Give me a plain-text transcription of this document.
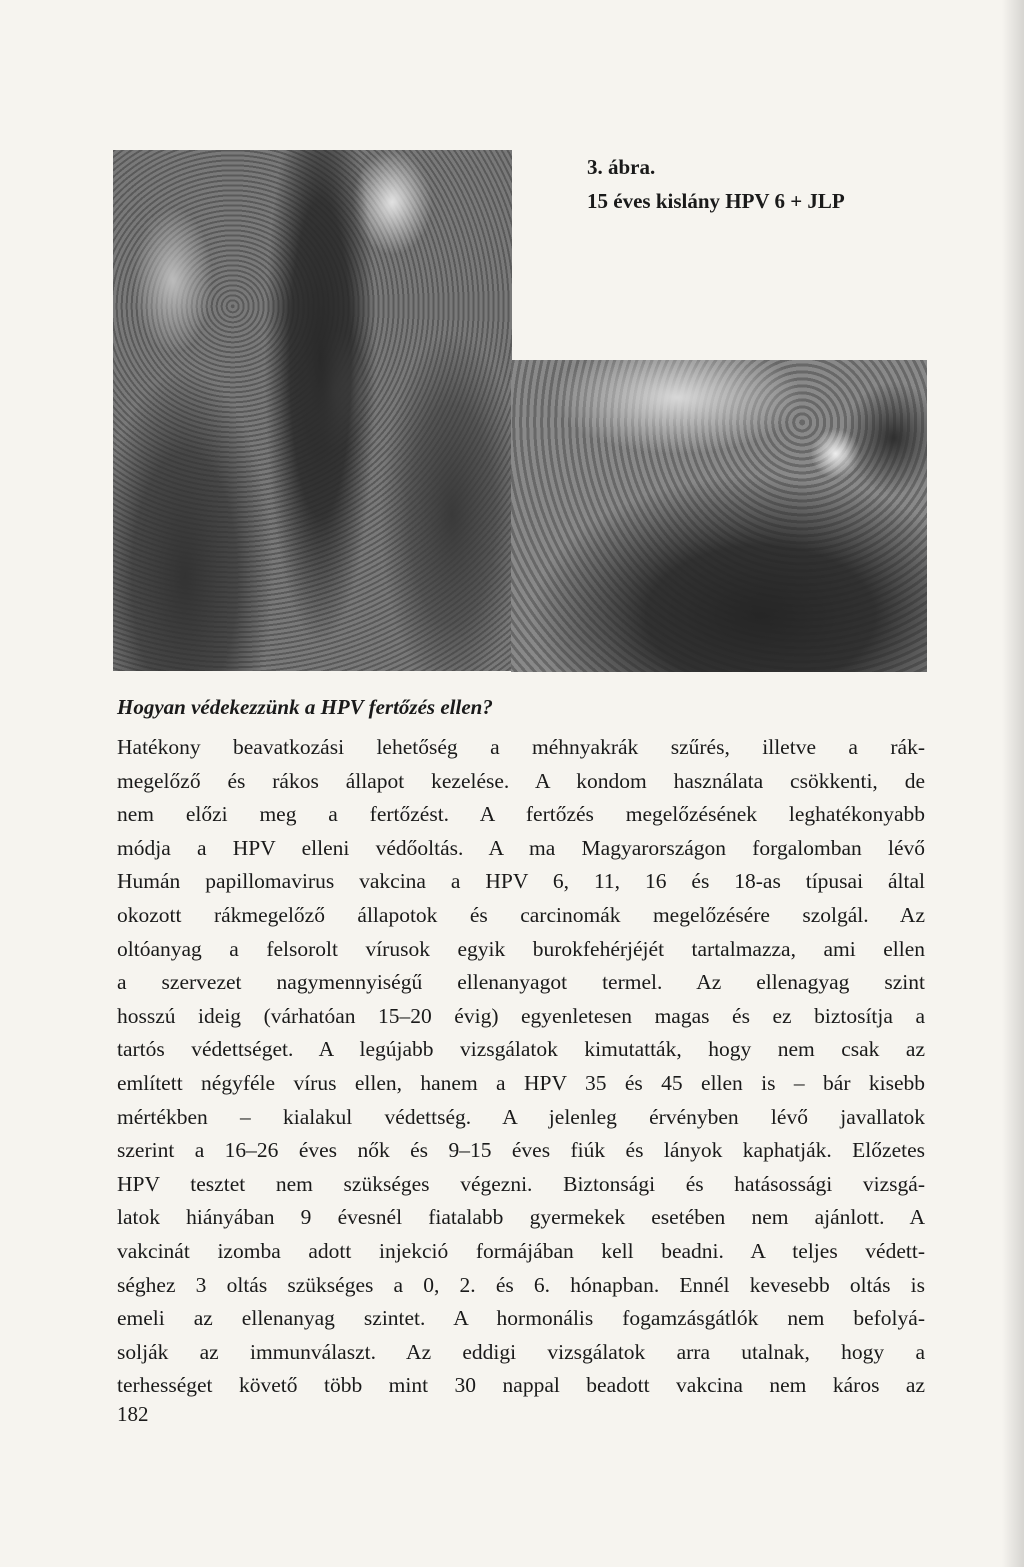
3. ábra.
15 éves kislány HPV 6 + JLP
Hogyan védekezzünk a HPV fertőzés ellen?
Hatékony beavatkozási lehetőség a méhnyakrák szűrés, illetve a rák-
megelőző és rákos állapot kezelése. A kondom használata csökkenti, de
nem előzi meg a fertőzést. A fertőzés megelőzésének leghatékonyabb
módja a HPV elleni védőoltás. A ma Magyarországon forgalomban lévő
Humán papillomavirus vakcina a HPV 6, 11, 16 és 18-as típusai által
okozott rákmegelőző állapotok és carcinomák megelőzésére szolgál. Az
oltóanyag a felsorolt vírusok egyik burokfehérjéjét tartalmazza, ami ellen
a szervezet nagymennyiségű ellenanyagot termel. Az ellenagyag szint
hosszú ideig (várhatóan 15–20 évig) egyenletesen magas és ez biztosítja a
tartós védettséget. A legújabb vizsgálatok kimutatták, hogy nem csak az
említett négyféle vírus ellen, hanem a HPV 35 és 45 ellen is – bár kisebb
mértékben – kialakul védettség. A jelenleg érvényben lévő javallatok
szerint a 16–26 éves nők és 9–15 éves fiúk és lányok kaphatják. Előzetes
HPV tesztet nem szükséges végezni. Biztonsági és hatásossági vizsgá-
latok hiányában 9 évesnél fiatalabb gyermekek esetében nem ajánlott. A
vakcinát izomba adott injekció formájában kell beadni. A teljes védett-
séghez 3 oltás szükséges a 0, 2. és 6. hónapban. Ennél kevesebb oltás is
emeli az ellenanyag szintet. A hormonális fogamzásgátlók nem befolyá-
solják az immunválaszt. Az eddigi vizsgálatok arra utalnak, hogy a
terhességet követő több mint 30 nappal beadott vakcina nem káros az
182
